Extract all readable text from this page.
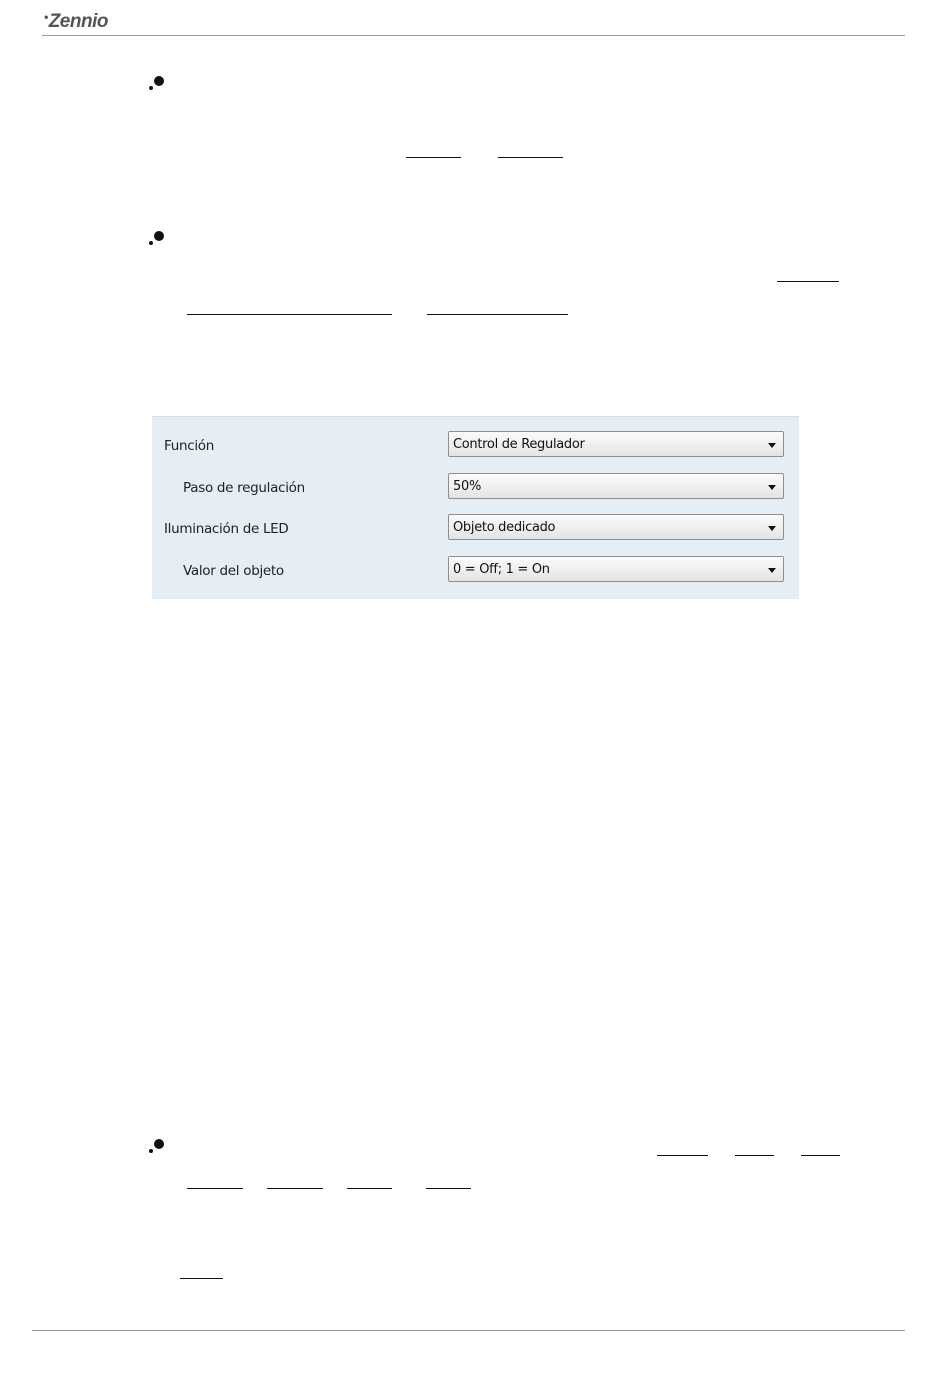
•Zennio
Función	Control de Regulador
Paso de regulación	50%
Iluminación de LED	Objeto dedicado
Valor del objeto	0 = Off; 1 = On
